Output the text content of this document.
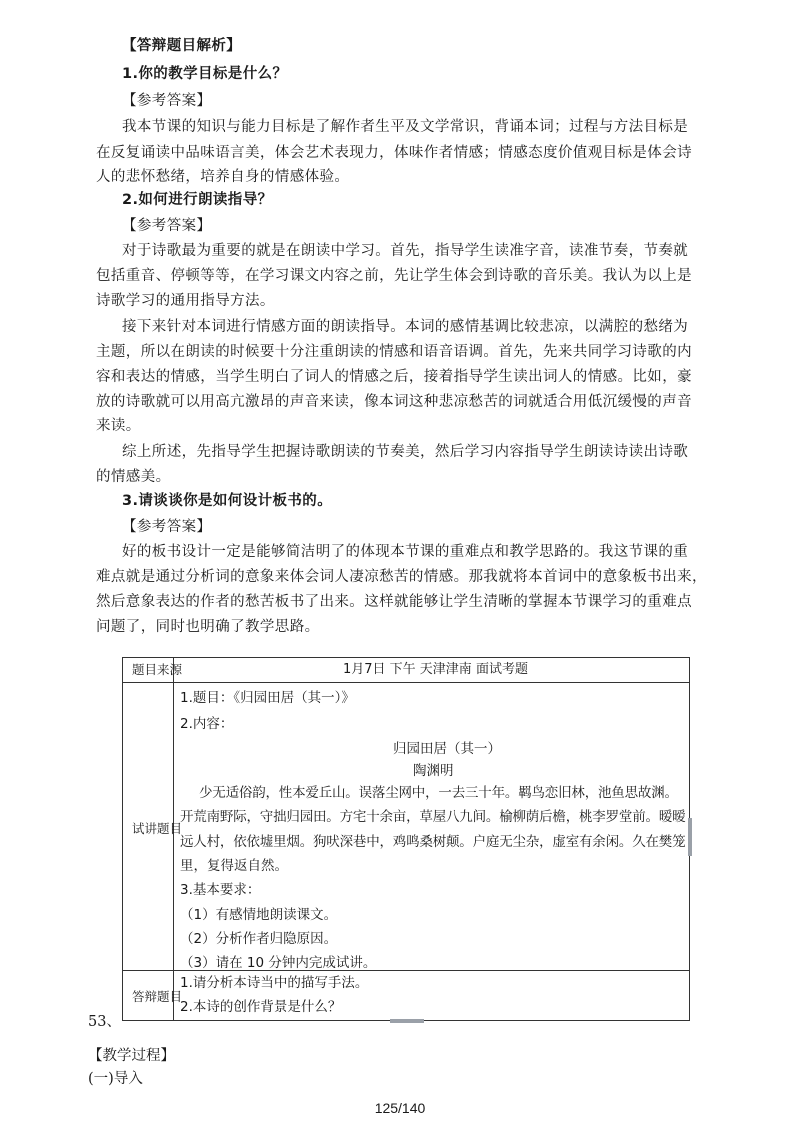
【答辩题目解析】
1.你的教学目标是什么？
【参考答案】
我本节课的知识与能力目标是了解作者生平及文学常识，背诵本词；过程与方法目标是
在反复诵读中品味语言美，体会艺术表现力，体味作者情感；情感态度价值观目标是体会诗
人的悲怀愁绪，培养自身的情感体验。
2.如何进行朗读指导？
【参考答案】
对于诗歌最为重要的就是在朗读中学习。首先，指导学生读准字音，读准节奏，节奏就
包括重音、停顿等等，在学习课文内容之前，先让学生体会到诗歌的音乐美。我认为以上是
诗歌学习的通用指导方法。
接下来针对本词进行情感方面的朗读指导。本词的感情基调比较悲凉，以满腔的愁绪为
主题，所以在朗读的时候要十分注重朗读的情感和语音语调。首先，先来共同学习诗歌的内
容和表达的情感，当学生明白了词人的情感之后，接着指导学生读出词人的情感。比如，豪
放的诗歌就可以用高亢激昂的声音来读，像本词这种悲凉愁苦的词就适合用低沉缓慢的声音
来读。
综上所述，先指导学生把握诗歌朗读的节奏美，然后学习内容指导学生朗读诗读出诗歌
的情感美。
3.请谈谈你是如何设计板书的。
【参考答案】
好的板书设计一定是能够简洁明了的体现本节课的重难点和教学思路的。我这节课的重
难点就是通过分析词的意象来体会词人凄凉愁苦的情感。那我就将本首词中的意象板书出来，
然后意象表达的作者的愁苦板书了出来。这样就能够让学生清晰的掌握本节课学习的重难点
问题了，同时也明确了教学思路。
题目来源	1月7日 下午 天津津南 面试考题
试讲题目
1.题目：《归园田居（其一）》
2.内容：
归园田居（其一）
陶渊明
少无适俗韵，性本爱丘山。误落尘网中，一去三十年。羁鸟恋旧林，池鱼思故渊。
开荒南野际，守拙归园田。方宅十余亩，草屋八九间。榆柳荫后檐，桃李罗堂前。暧暧
远人村，依依墟里烟。狗吠深巷中，鸡鸣桑树颠。户庭无尘杂，虚室有余闲。久在樊笼
里，复得返自然。
3.基本要求：
（1）有感情地朗读课文。
（2）分析作者归隐原因。
（3）请在 10 分钟内完成试讲。
答辩题目
1.请分析本诗当中的描写手法。
2.本诗的创作背景是什么？
53、
【教学过程】
(一)导入
125/140
